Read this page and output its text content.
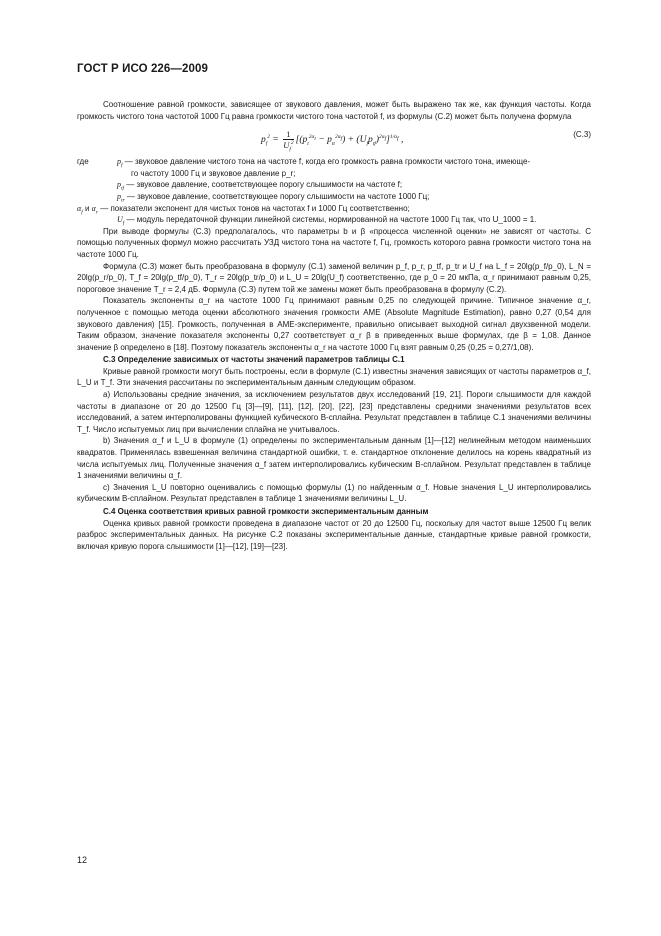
ГОСТ Р ИСО 226—2009

Соотношение равной громкости, зависящее от звукового давления, может быть выражено так же, как функция частоты. Когда громкость чистого тона частотой 1000 Гц равна громкости чистого тона частотой f, из формулы (С.2) может быть получена формула

$p_f^2 = \frac{1}{U_f^2} [(p_t^{2\alpha_t} - p_{tt}^{2\alpha_f}) + (U_fp_{tf})^{2\alpha_f}]^{1/\alpha_f}$ ,
(С.3)
где	$p_f$ — звуковое давление чистого тона на частоте f, когда его громкость равна громкости чистого тона, имеюще-
го частоту 1000 Гц и звуковое давление p_r;
$p_{tf}$ — звуковое давление, соответствующее порогу слышимости на частоте f;
$p_{tr}$ — звуковое давление, соответствующее порогу слышимости на частоте 1000 Гц;
$\alpha_f$ и $\alpha_r$ — показатели экспонент для чистых тонов на частотах f и 1000 Гц соответственно;
$U_f$ — модуль передаточной функции линейной системы, нормированной на частоте 1000 Гц так, что U_1000 = 1.

При выводе формулы (С.3) предполагалось, что параметры b и β «процесса численной оценки» не зависят от частоты. С помощью полученных формул можно рассчитать УЗД чистого тона на частоте f, Гц, громкость которого равна громкости чистого тона на частоте 1000 Гц.

Формула (С.3) может быть преобразована в формулу (С.1) заменой величин p_f, p_r, p_tf, p_tr и U_f на L_f = 20lg(p_f/p_0), L_N = 20lg(p_r/p_0), T_f = 20lg(p_tf/p_0), T_r = 20lg(p_tr/p_0) и L_U = 20lg(U_f) соответственно, где p_0 = 20 мкПа, α_r принимают равным 0,25, пороговое значение T_r = 2,4 дБ. Формула (С.3) путем той же замены может быть преобразована в формулу (С.2).

Показатель экспоненты α_r на частоте 1000 Гц принимают равным 0,25 по следующей причине. Типичное значение α_r, полученное с помощью метода оценки абсолютного значения громкости AME (Absolute Magnitude Estimation), равно 0,27 (0,54 для звукового давления) [15]. Громкость, полученная в AME-эксперименте, правильно описывает выходной сигнал двухзвенной модели. Таким образом, значение показателя экспоненты 0,27 соответствует α_r β в приведенных выше формулах, где β = 1,08. Данное значение β определено в [18]. Поэтому показатель экспоненты α_r на частоте 1000 Гц взят равным 0,25 (0,25 = 0,27/1,08).

С.3 Определение зависимых от частоты значений параметров таблицы С.1

Кривые равной громкости могут быть построены, если в формуле (С.1) известны значения зависящих от частоты параметров α_f, L_U и T_f. Эти значения рассчитаны по экспериментальным данным следующим образом.

a) Использованы средние значения, за исключением результатов двух исследований [19, 21]. Пороги слышимости для каждой частоты в диапазоне от 20 до 12500 Гц [3]—[9], [11], [12], [20], [22], [23] представлены средними значениями результатов всех исследований, а затем интерполированы функцией кубического B-сплайна. Результат представлен в таблице С.1 значениями величины T_f. Число испытуемых лиц при вычислении сплайна не учитывалось.

b) Значения α_f и L_U в формуле (1) определены по экспериментальным данным [1]—[12] нелинейным методом наименьших квадратов. Применялась взвешенная величина стандартной ошибки, т. е. стандартное отклонение делилось на корень квадратный из числа испытуемых лиц. Полученные значения α_f затем интерполировались кубическим B-сплайном. Результат представлен в таблице 1 значениями величины α_f.

c) Значения L_U повторно оценивались с помощью формулы (1) по найденным α_f. Новые значения L_U интерполировались кубическим B-сплайном. Результат представлен в таблице 1 значениями величины L_U.

С.4 Оценка соответствия кривых равной громкости экспериментальным данным

Оценка кривых равной громкости проведена в диапазоне частот от 20 до 12500 Гц, поскольку для частот выше 12500 Гц велик разброс экспериментальных данных. На рисунке С.2 показаны экспериментальные данные, стандартные кривые равной громкости, включая кривую порога слышимости [1]—[12], [19]—[23].

12
